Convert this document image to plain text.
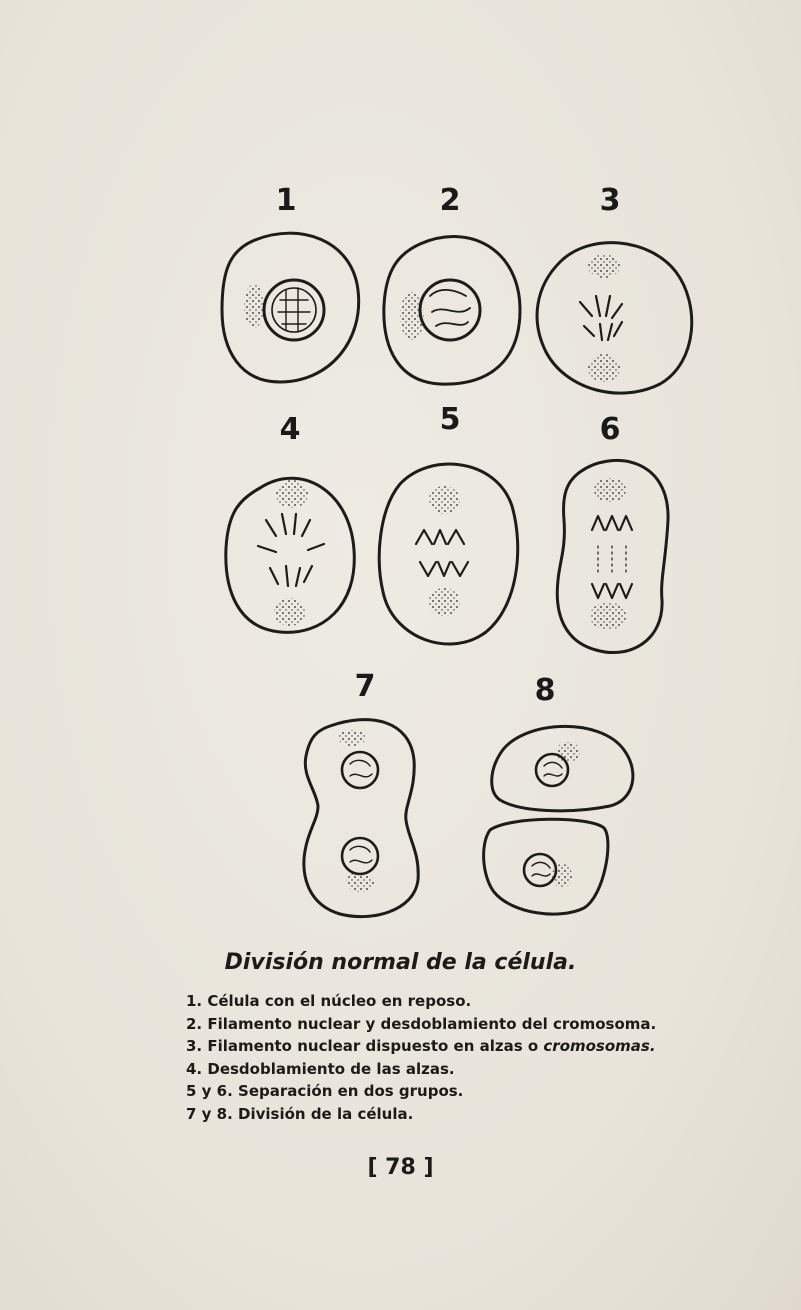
1	2	3
4	5	6
7	8
División normal de la célula.
1. Célula con el núcleo en reposo.
2. Filamento nuclear y desdoblamiento del cromosoma.
3. Filamento nuclear dispuesto en alzas o cromosomas.
4. Desdoblamiento de las alzas.
5 y 6. Separación en dos grupos.
7 y 8. División de la célula.
[ 78 ]
